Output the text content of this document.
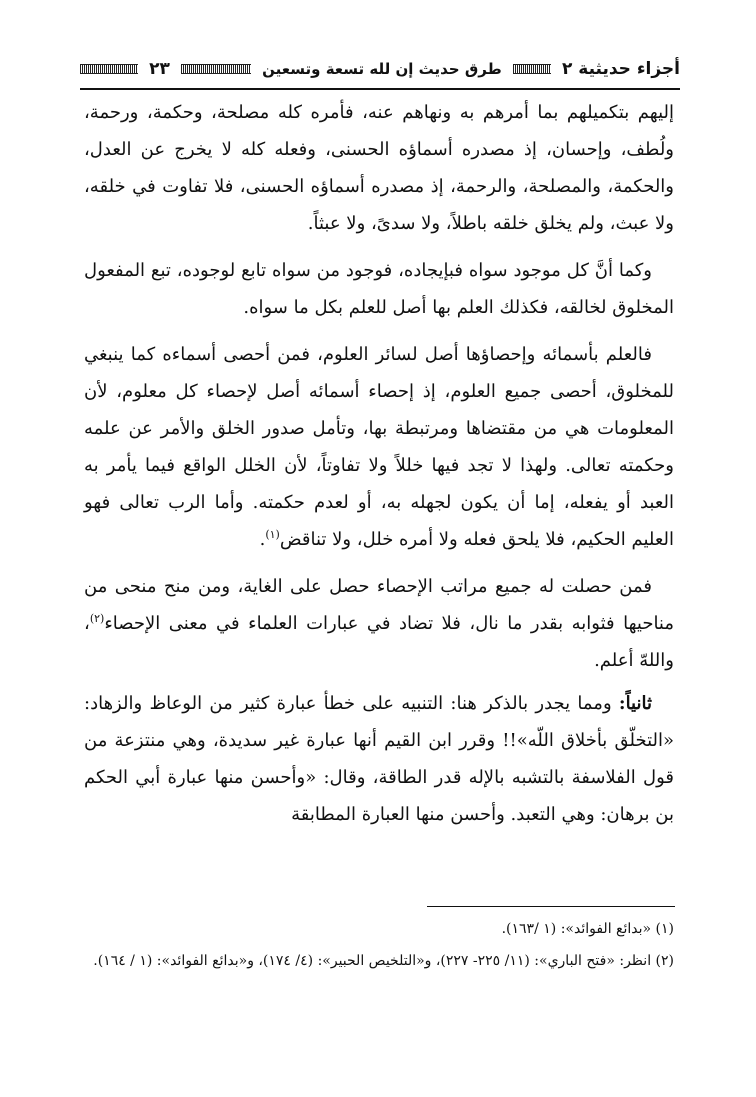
أجزاء حديثية ٢
طرق حديث إن لله تسعة وتسعين
٢٣

إليهم بتكميلهم بما أمرهم به ونهاهم عنه، فأمره كله مصلحة، وحكمة، ورحمة، ولُطف، وإحسان، إذ مصدره أسماؤه الحسنى، وفعله كله لا يخرج عن العدل، والحكمة، والمصلحة، والرحمة، إذ مصدره أسماؤه الحسنى، فلا تفاوت في خلقه، ولا عبث، ولم يخلق خلقه باطلاً، ولا سدىً، ولا عبثاً.

وكما أنَّ كل موجود سواه فبإيجاده، فوجود من سواه تابع لوجوده، تبع المفعول المخلوق لخالقه، فكذلك العلم بها أصل للعلم بكل ما سواه.

فالعلم بأسمائه وإحصاؤها أصل لسائر العلوم، فمن أحصى أسماءه كما ينبغي للمخلوق، أحصى جميع العلوم، إذ إحصاء أسمائه أصل لإحصاء كل معلوم، لأن المعلومات هي من مقتضاها ومرتبطة بها، وتأمل صدور الخلق والأمر عن علمه وحكمته تعالى. ولهذا لا تجد فيها خللاً ولا تفاوتاً، لأن الخلل الواقع فيما يأمر به العبد أو يفعله، إما أن يكون لجهله به، أو لعدم حكمته. وأما الرب تعالى فهو العليم الحكيم، فلا يلحق فعله ولا أمره خلل، ولا تناقض$^{(١)}$.

فمن حصلت له جميع مراتب الإحصاء حصل على الغاية، ومن منح منحى من مناحيها فثوابه بقدر ما نال، فلا تضاد في عبارات العلماء في معنى الإحصاء$^{(٢)}$، واللهّ أعلم.

ثانياً: ومما يجدر بالذكر هنا: التنبيه على خطأ عبارة كثير من الوعاظ والزهاد: «التخلّق بأخلاق اللّه»!! وقرر ابن القيم أنها عبارة غير سديدة، وهي منتزعة من قول الفلاسفة بالتشبه بالإله قدر الطاقة، وقال: «وأحسن منها عبارة أبي الحكم بن برهان: وهي التعبد. وأحسن منها العبارة المطابقة

(١) «بدائع الفوائد»: (١ /١٦٣).

(٢) انظر: «فتح الباري»: (١١/ ٢٢٥- ٢٢٧)، و«التلخيص الحبير»: (٤/ ١٧٤)، و«بدائع الفوائد»: (١ / ١٦٤).
